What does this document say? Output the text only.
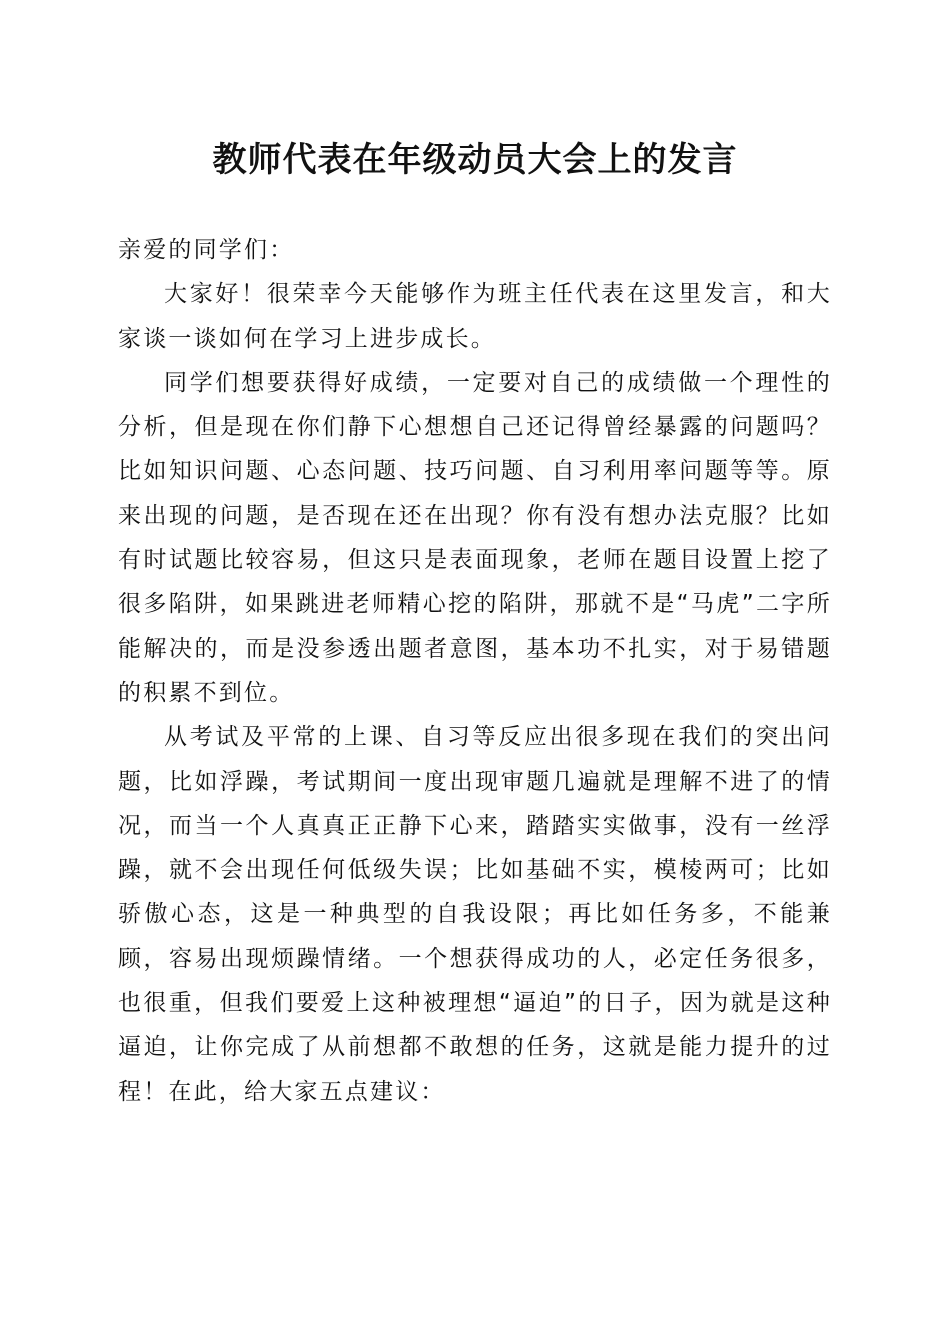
教师代表在年级动员大会上的发言

亲爱的同学们：

大家好！很荣幸今天能够作为班主任代表在这里发言，和大家谈一谈如何在学习上进步成长。

同学们想要获得好成绩，一定要对自己的成绩做一个理性的分析，但是现在你们静下心想想自己还记得曾经暴露的问题吗？比如知识问题、心态问题、技巧问题、自习利用率问题等等。原来出现的问题，是否现在还在出现？你有没有想办法克服？比如有时试题比较容易，但这只是表面现象，老师在题目设置上挖了很多陷阱，如果跳进老师精心挖的陷阱，那就不是“马虎”二字所能解决的，而是没参透出题者意图，基本功不扎实，对于易错题的积累不到位。

从考试及平常的上课、自习等反应出很多现在我们的突出问题，比如浮躁，考试期间一度出现审题几遍就是理解不进了的情况，而当一个人真真正正静下心来，踏踏实实做事，没有一丝浮躁，就不会出现任何低级失误；比如基础不实，模棱两可；比如骄傲心态，这是一种典型的自我设限；再比如任务多，不能兼顾，容易出现烦躁情绪。一个想获得成功的人，必定任务很多，也很重，但我们要爱上这种被理想“逼迫”的日子，因为就是这种逼迫，让你完成了从前想都不敢想的任务，这就是能力提升的过程！在此，给大家五点建议：
